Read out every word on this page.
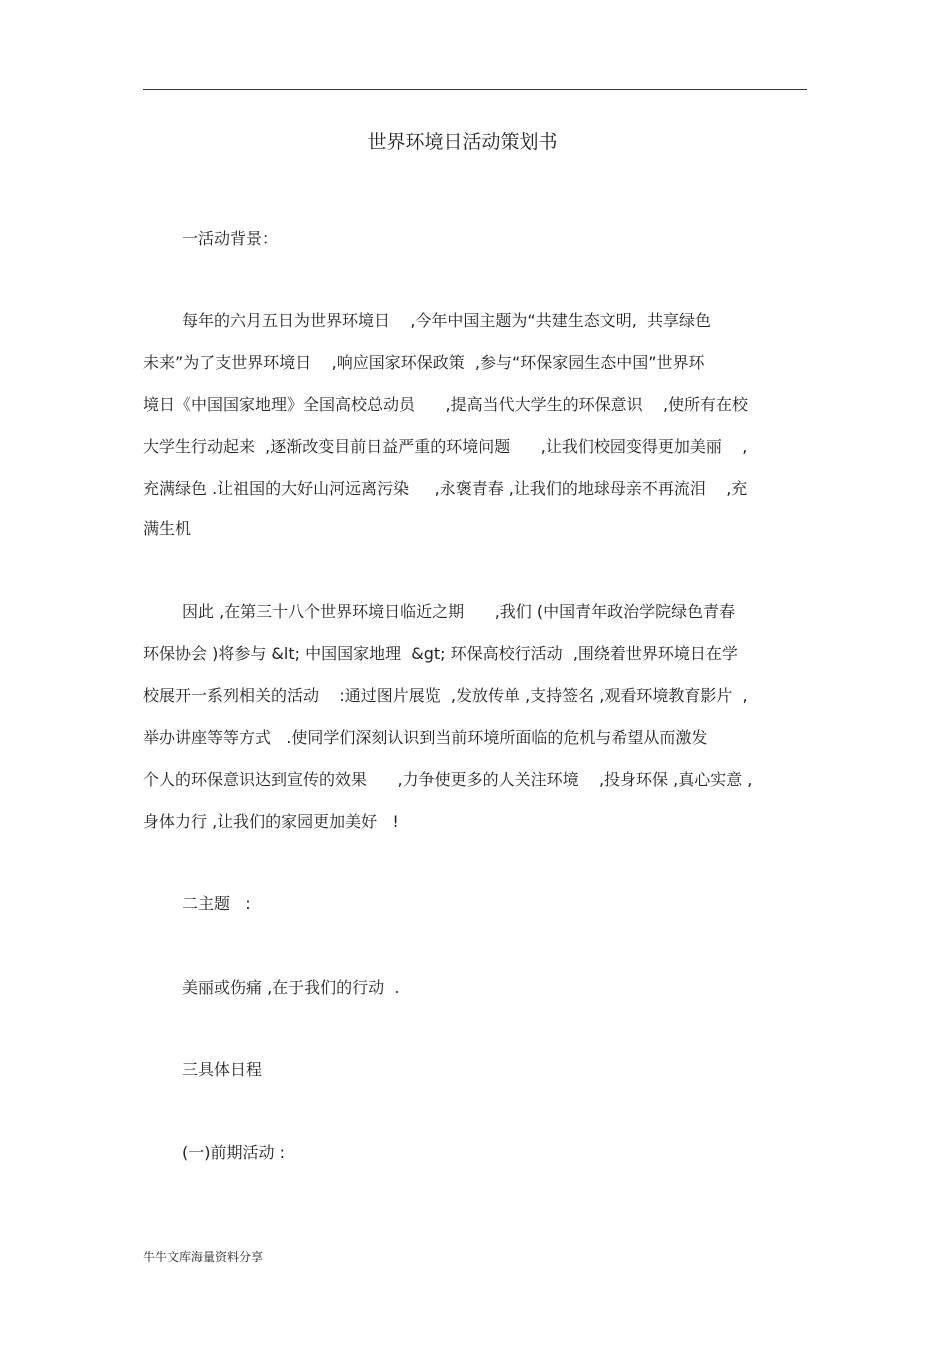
世界环境日活动策划书
一活动背景：
每年的六月五日为世界环境日    ,今年中国主题为“共建生态文明,  共享绿色
未来”为了支世界环境日    ,响应国家环保政策  ,参与“环保家园生态中国”世界环
境日《中国国家地理》全国高校总动员      ,提高当代大学生的环保意识    ,使所有在校
大学生行动起来  ,逐渐改变目前日益严重的环境问题      ,让我们校园变得更加美丽    ,
充满绿色 .让祖国的大好山河远离污染     ,永褒青春 ,让我们的地球母亲不再流泪    ,充
满生机
因此 ,在第三十八个世界环境日临近之期      ,我们 (中国青年政治学院绿色青春
环保协会 )将参与 &lt; 中国国家地理  &gt; 环保高校行活动  ,围绕着世界环境日在学
校展开一系列相关的活动    :通过图片展览  ,发放传单 ,支持签名 ,观看环境教育影片  ,
举办讲座等等方式   .使同学们深刻认识到当前环境所面临的危机与希望从而激发
个人的环保意识达到宣传的效果      ,力争使更多的人关注环境    ,投身环保 ,真心实意 ,
身体力行 ,让我们的家园更加美好   !
二主题   :
美丽或伤痛 ,在于我们的行动  .
三具体日程
(一)前期活动 :
牛牛文库海量资料分享
